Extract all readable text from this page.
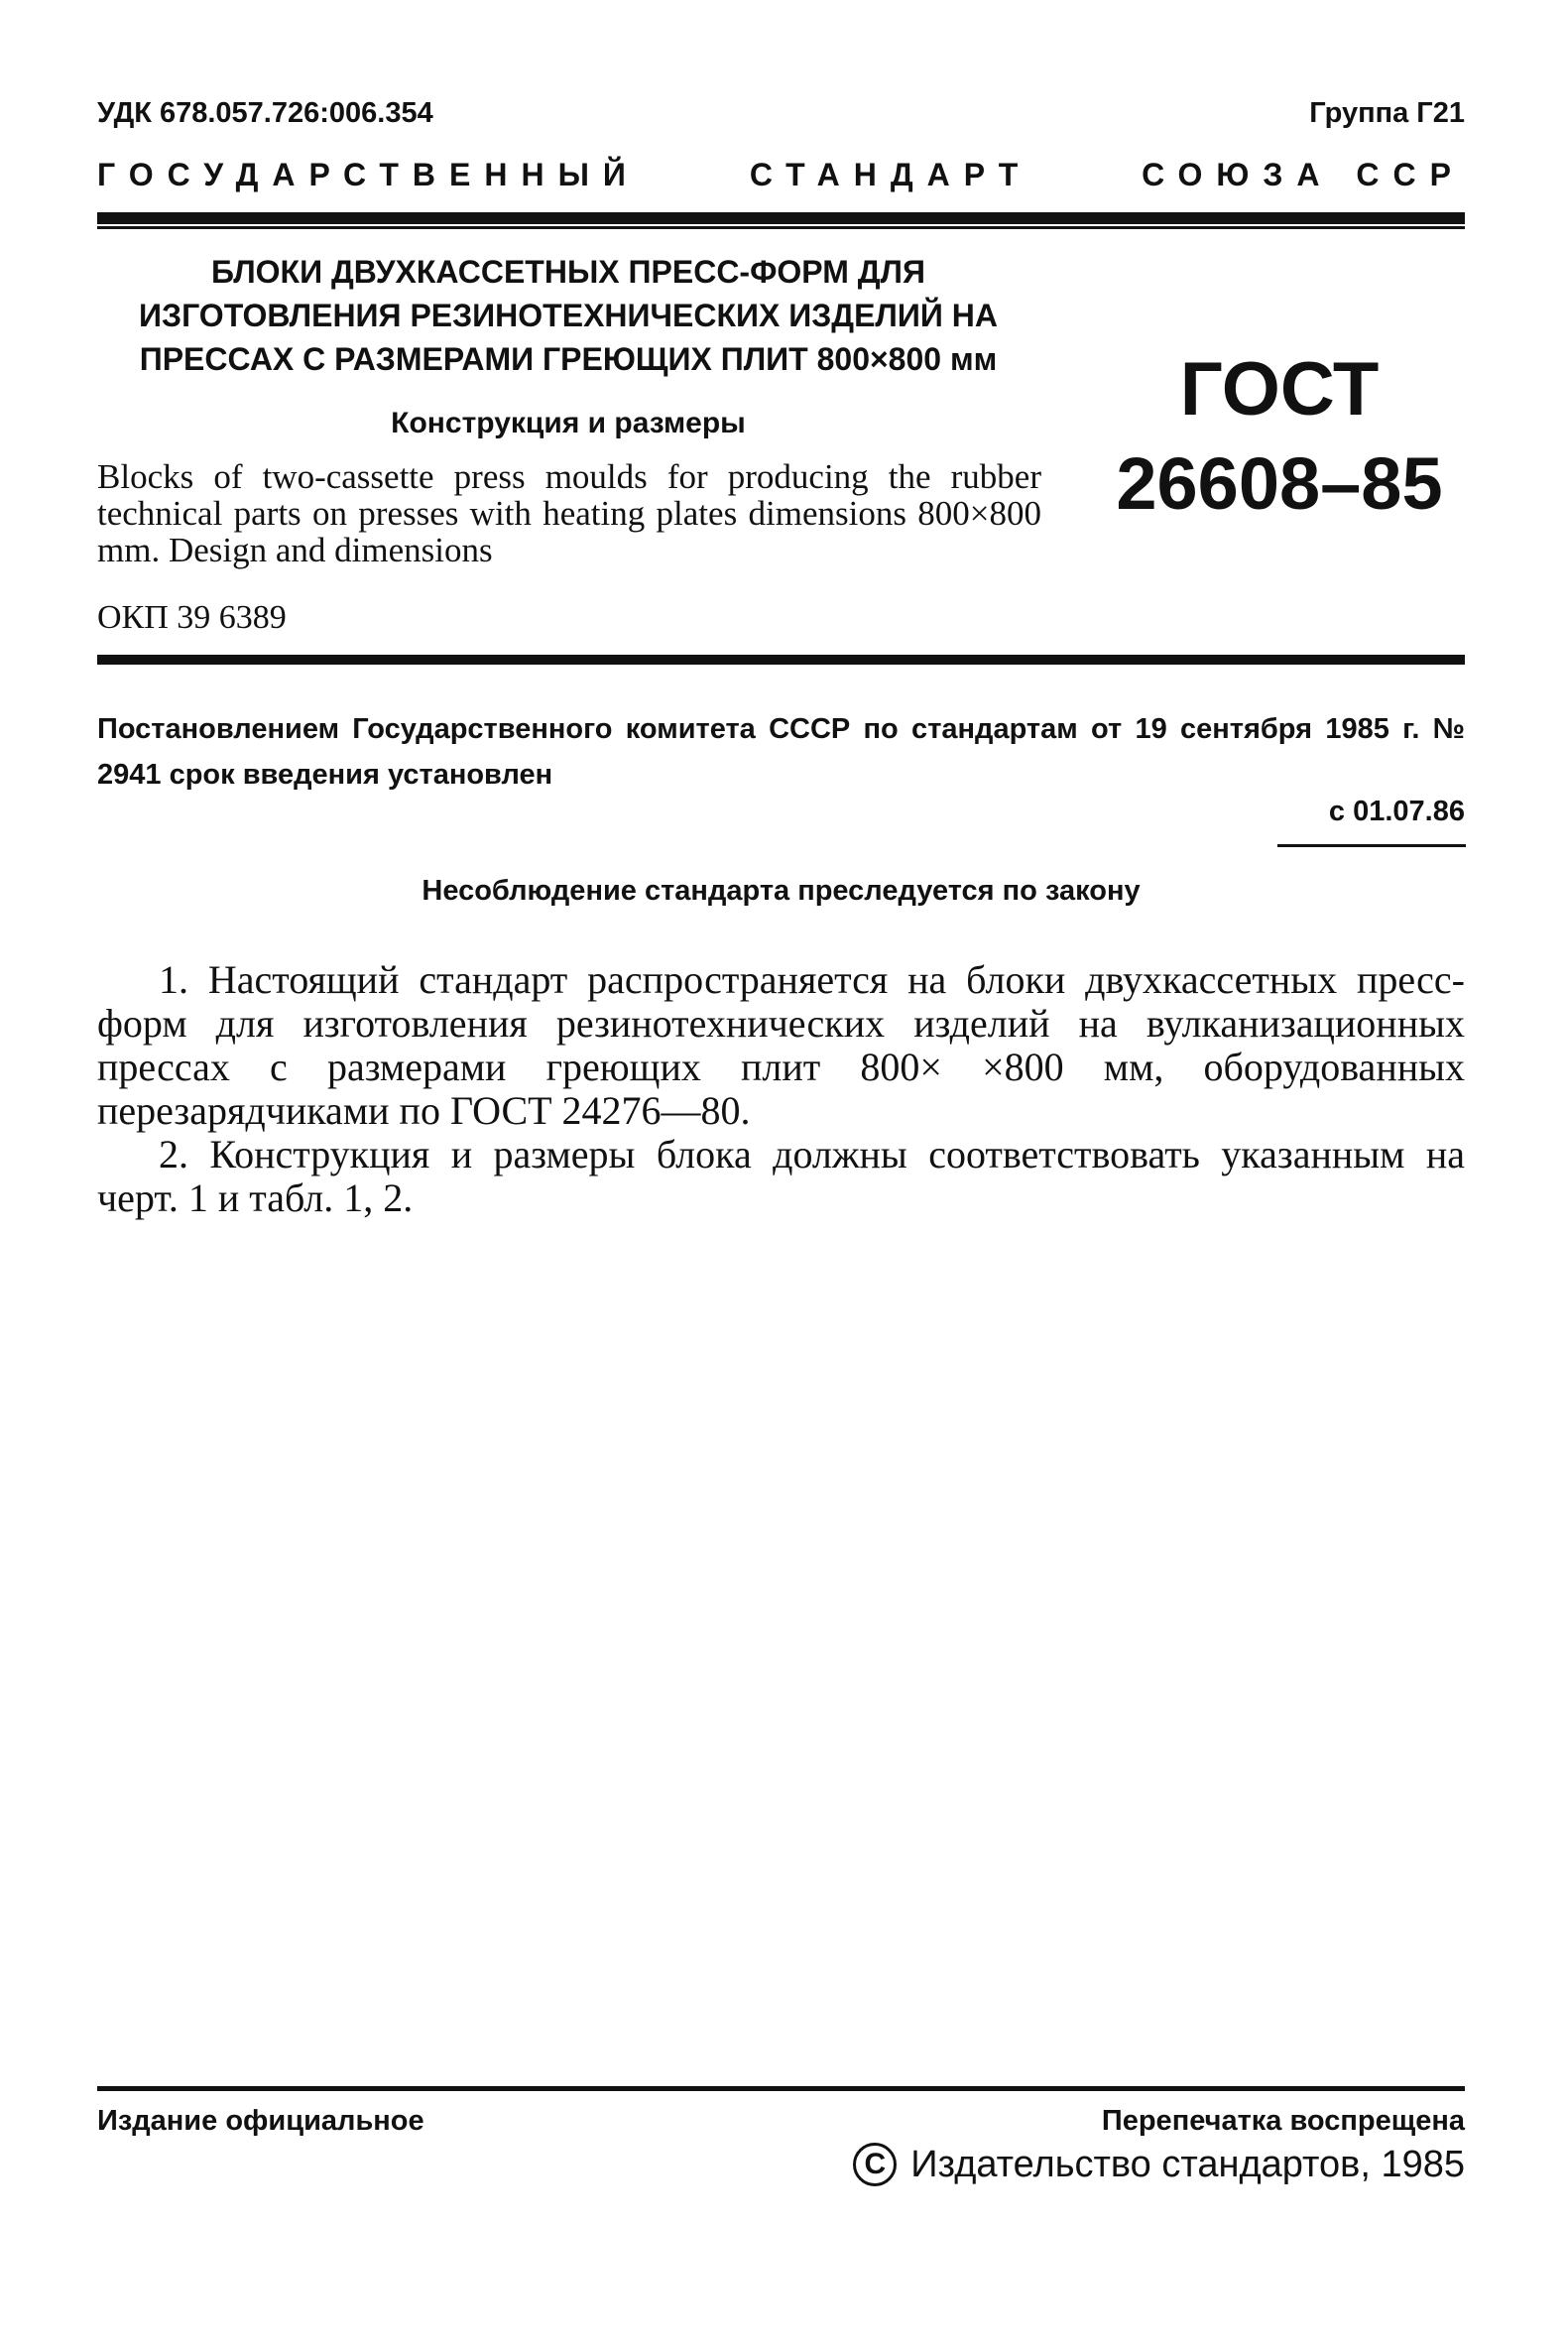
УДК 678.057.726:006.354	Группа Г21
ГОСУДАРСТВЕННЫЙ	СТАНДАРТ	СОЮЗА ССР
БЛОКИ ДВУХКАССЕТНЫХ ПРЕСС-ФОРМ ДЛЯ ИЗГОТОВЛЕНИЯ РЕЗИНОТЕХНИЧЕСКИХ ИЗДЕЛИЙ НА ПРЕССАХ С РАЗМЕРАМИ ГРЕЮЩИХ ПЛИТ 800×800 мм
Конструкция и размеры
Blocks of two-cassette press moulds for producing the rubber technical parts on presses with heating plates dimensions 800×800 mm. Design and dimensions
ОКП 39 6389
ГОСТ
26608–85
Постановлением Государственного комитета СССР по стандартам от 19 сентября 1985 г. № 2941 срок введения установлен
с 01.07.86
Несоблюдение стандарта преследуется по закону

1. Настоящий стандарт распространяется на блоки двухкассетных пресс-форм для изготовления резинотехнических изделий на вулканизационных прессах с размерами греющих плит 800× ×800 мм, оборудованных перезарядчиками по ГОСТ 24276—80.

2. Конструкция и размеры блока должны соответствовать указанным на черт. 1 и табл. 1, 2.

Издание официальное	Перепечатка воспрещена
C Издательство стандартов, 1985
